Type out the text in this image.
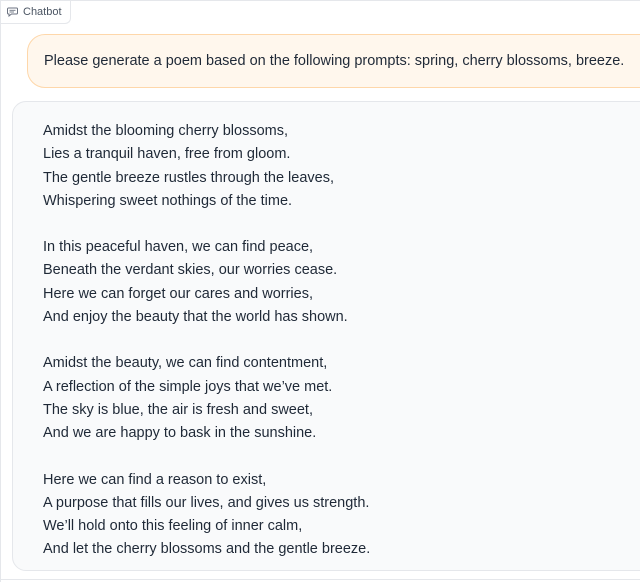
Chatbot
Please generate a poem based on the following prompts: spring, cherry blossoms, breeze.
Amidst the blooming cherry blossoms,
Lies a tranquil haven, free from gloom.
The gentle breeze rustles through the leaves,
Whispering sweet nothings of the time.
In this peaceful haven, we can find peace,
Beneath the verdant skies, our worries cease.
Here we can forget our cares and worries,
And enjoy the beauty that the world has shown.
Amidst the beauty, we can find contentment,
A reflection of the simple joys that we’ve met.
The sky is blue, the air is fresh and sweet,
And we are happy to bask in the sunshine.
Here we can find a reason to exist,
A purpose that fills our lives, and gives us strength.
We’ll hold onto this feeling of inner calm,
And let the cherry blossoms and the gentle breeze.
